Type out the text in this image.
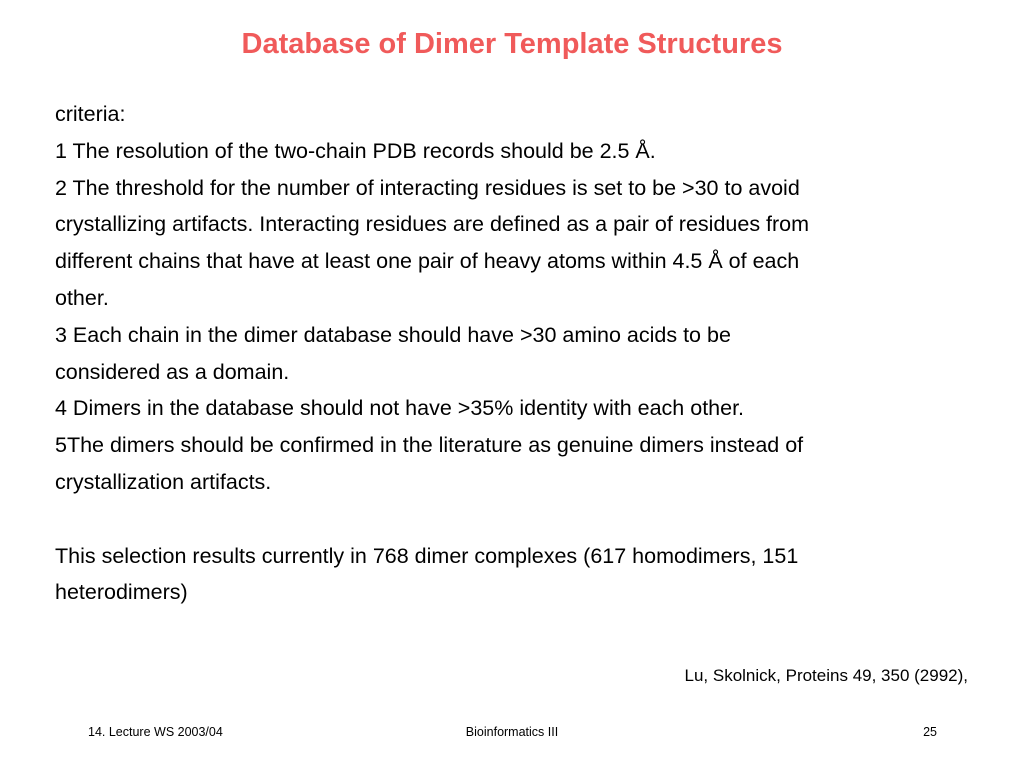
Database of Dimer Template Structures
criteria:
1 The resolution of the two-chain PDB records should be 2.5 Å.
2 The threshold for the number of interacting residues is set to be >30 to avoid
crystallizing artifacts. Interacting residues are defined as a pair of residues from
different chains that have at least one pair of heavy atoms within 4.5 Å of each
other.
3 Each chain in the dimer database should have >30 amino acids to be
considered as a domain.
4 Dimers in the database should not have >35% identity with each other.
5The dimers should be confirmed in the literature as genuine dimers instead of
crystallization artifacts.
This selection results currently in 768 dimer complexes (617 homodimers, 151
heterodimers)
Lu, Skolnick, Proteins 49, 350 (2992),
14. Lecture WS 2003/04	Bioinformatics III	25
